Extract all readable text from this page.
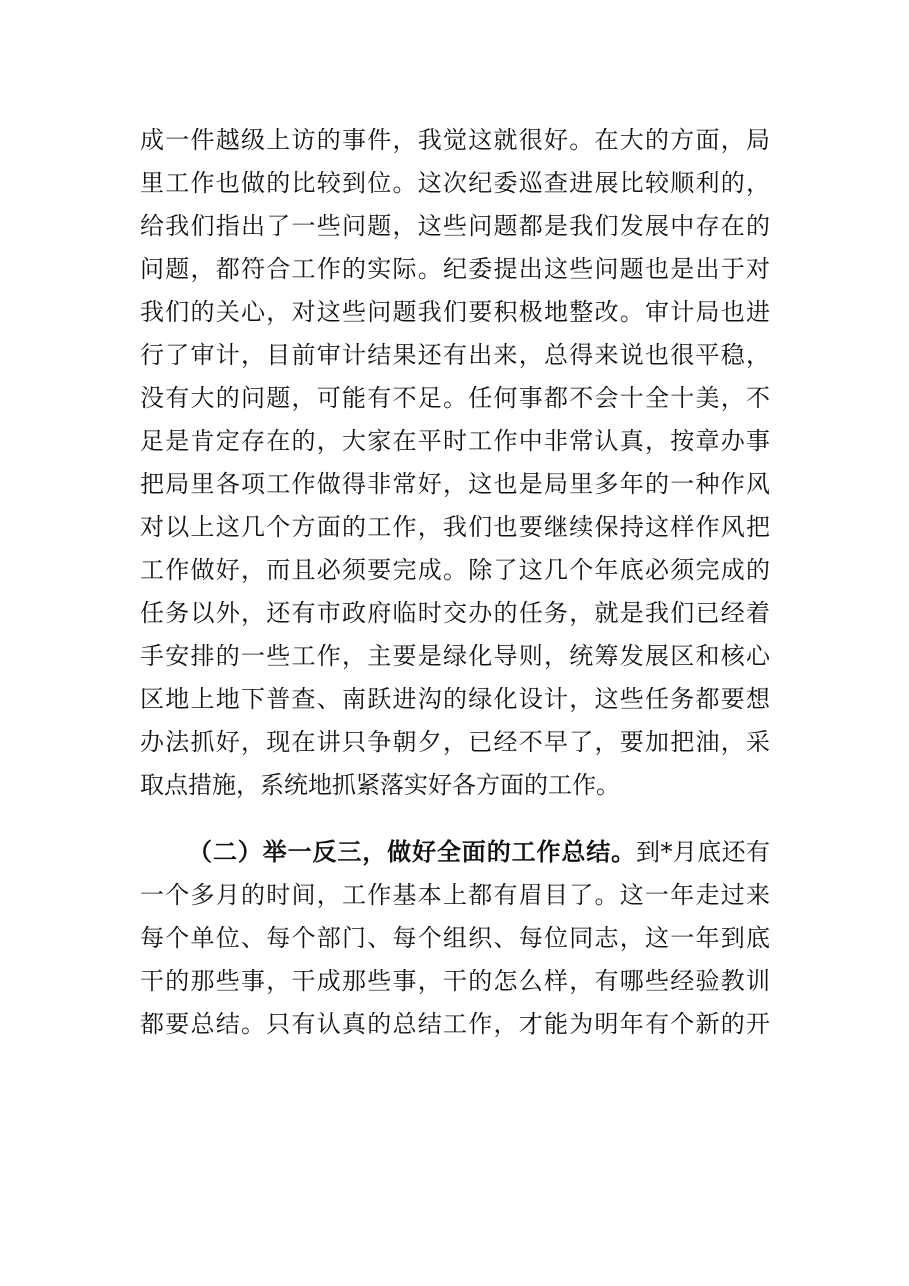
成一件越级上访的事件，我觉这就很好。在大的方面，局
里工作也做的比较到位。这次纪委巡查进展比较顺利的，
给我们指出了一些问题，这些问题都是我们发展中存在的
问题，都符合工作的实际。纪委提出这些问题也是出于对
我们的关心，对这些问题我们要积极地整改。审计局也进
行了审计，目前审计结果还有出来，总得来说也很平稳，
没有大的问题，可能有不足。任何事都不会十全十美，不
足是肯定存在的，大家在平时工作中非常认真，按章办事
把局里各项工作做得非常好，这也是局里多年的一种作风
对以上这几个方面的工作，我们也要继续保持这样作风把
工作做好，而且必须要完成。除了这几个年底必须完成的
任务以外，还有市政府临时交办的任务，就是我们已经着
手安排的一些工作，主要是绿化导则，统筹发展区和核心
区地上地下普查、南跃进沟的绿化设计，这些任务都要想
办法抓好，现在讲只争朝夕，已经不早了，要加把油，采
取点措施，系统地抓紧落实好各方面的工作。
（二）举一反三，做好全面的工作总结。到*月底还有
一个多月的时间，工作基本上都有眉目了。这一年走过来
每个单位、每个部门、每个组织、每位同志，这一年到底
干的那些事，干成那些事，干的怎么样，有哪些经验教训
都要总结。只有认真的总结工作，才能为明年有个新的开
